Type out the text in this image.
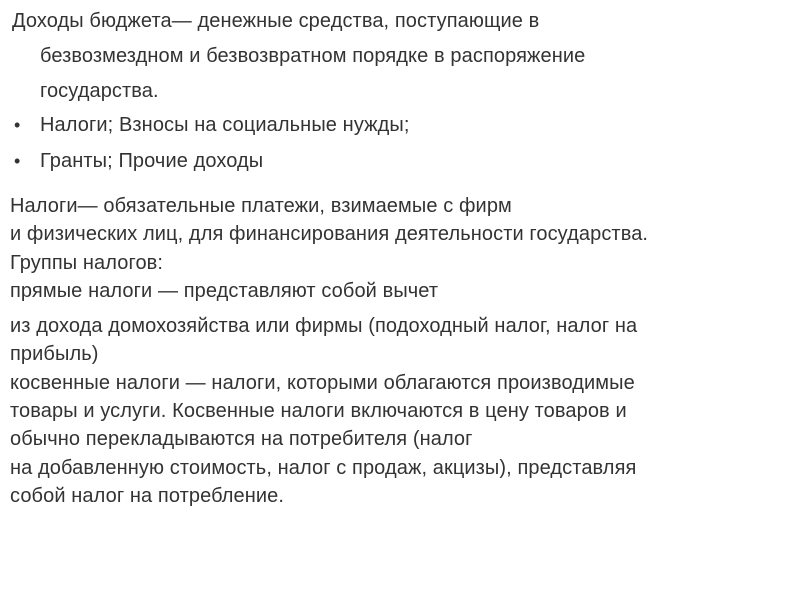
Доходы бюджета— денежные средства, поступающие в
безвозмездном и безвозвратном порядке в распоряжение
государства.
• Налоги; Взносы на социальные нужды;
• Гранты; Прочие доходы
Налоги— обязательные платежи, взимаемые с фирм
и физических лиц, для финансирования деятельности государства.
Группы налогов:
прямые налоги — представляют собой вычет
из дохода домохозяйства или фирмы (подоходный налог, налог на
прибыль)
косвенные налоги — налоги, которыми облагаются производимые
товары и услуги. Косвенные налоги включаются в цену товаров и
обычно перекладываются на потребителя (налог
на добавленную стоимость, налог с продаж, акцизы), представляя
собой налог на потребление.
